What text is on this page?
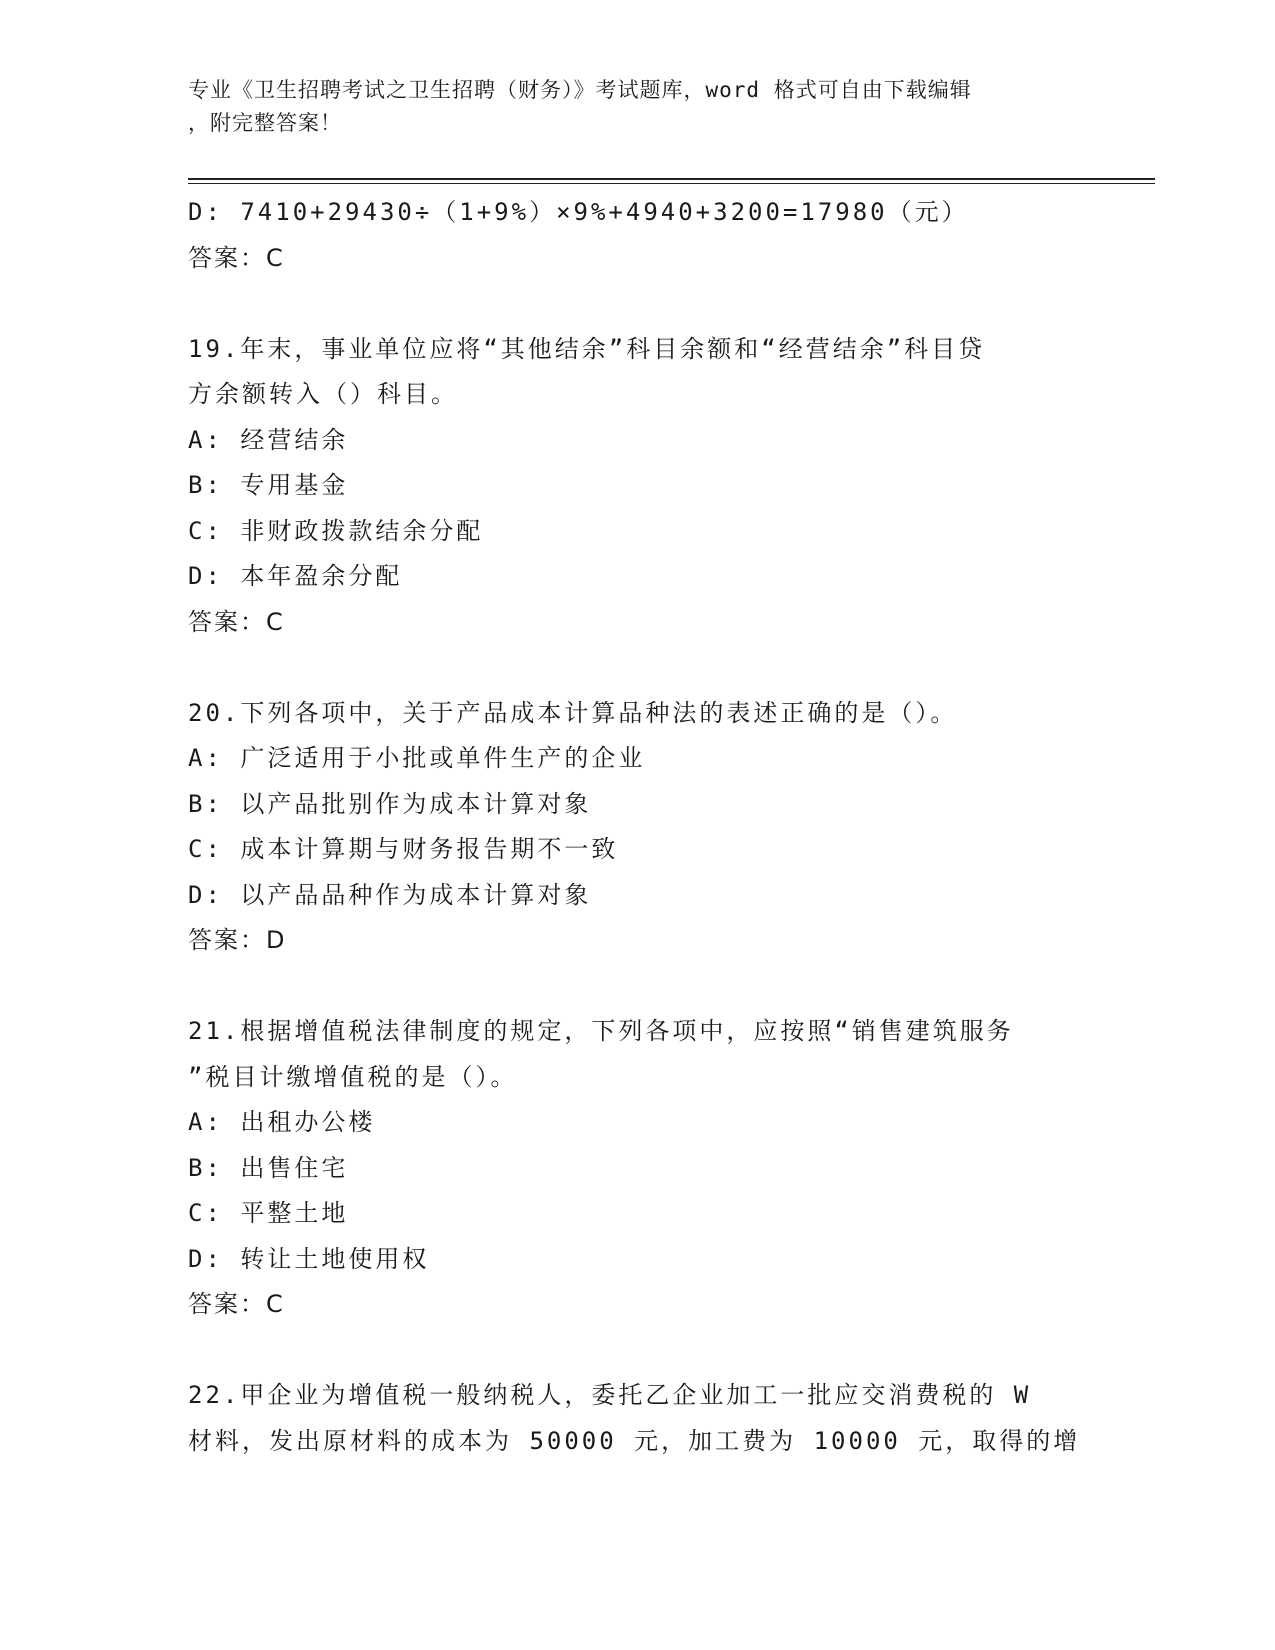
专业《卫生招聘考试之卫生招聘（财务）》考试题库，word 格式可自由下载编辑
，附完整答案！
D: 7410+29430÷（1+9%）×9%+4940+3200=17980（元）
答案：C
19.年末，事业单位应将“其他结余”科目余额和“经营结余”科目贷
方余额转入（）科目。
A: 经营结余
B: 专用基金
C: 非财政拨款结余分配
D: 本年盈余分配
答案：C
20.下列各项中，关于产品成本计算品种法的表述正确的是（）。
A: 广泛适用于小批或单件生产的企业
B: 以产品批别作为成本计算对象
C: 成本计算期与财务报告期不一致
D: 以产品品种作为成本计算对象
答案：D
21.根据增值税法律制度的规定，下列各项中，应按照“销售建筑服务
”税目计缴增值税的是（）。
A: 出租办公楼
B: 出售住宅
C: 平整土地
D: 转让土地使用权
答案：C
22.甲企业为增值税一般纳税人，委托乙企业加工一批应交消费税的 W
材料，发出原材料的成本为 50000 元，加工费为 10000 元，取得的增
